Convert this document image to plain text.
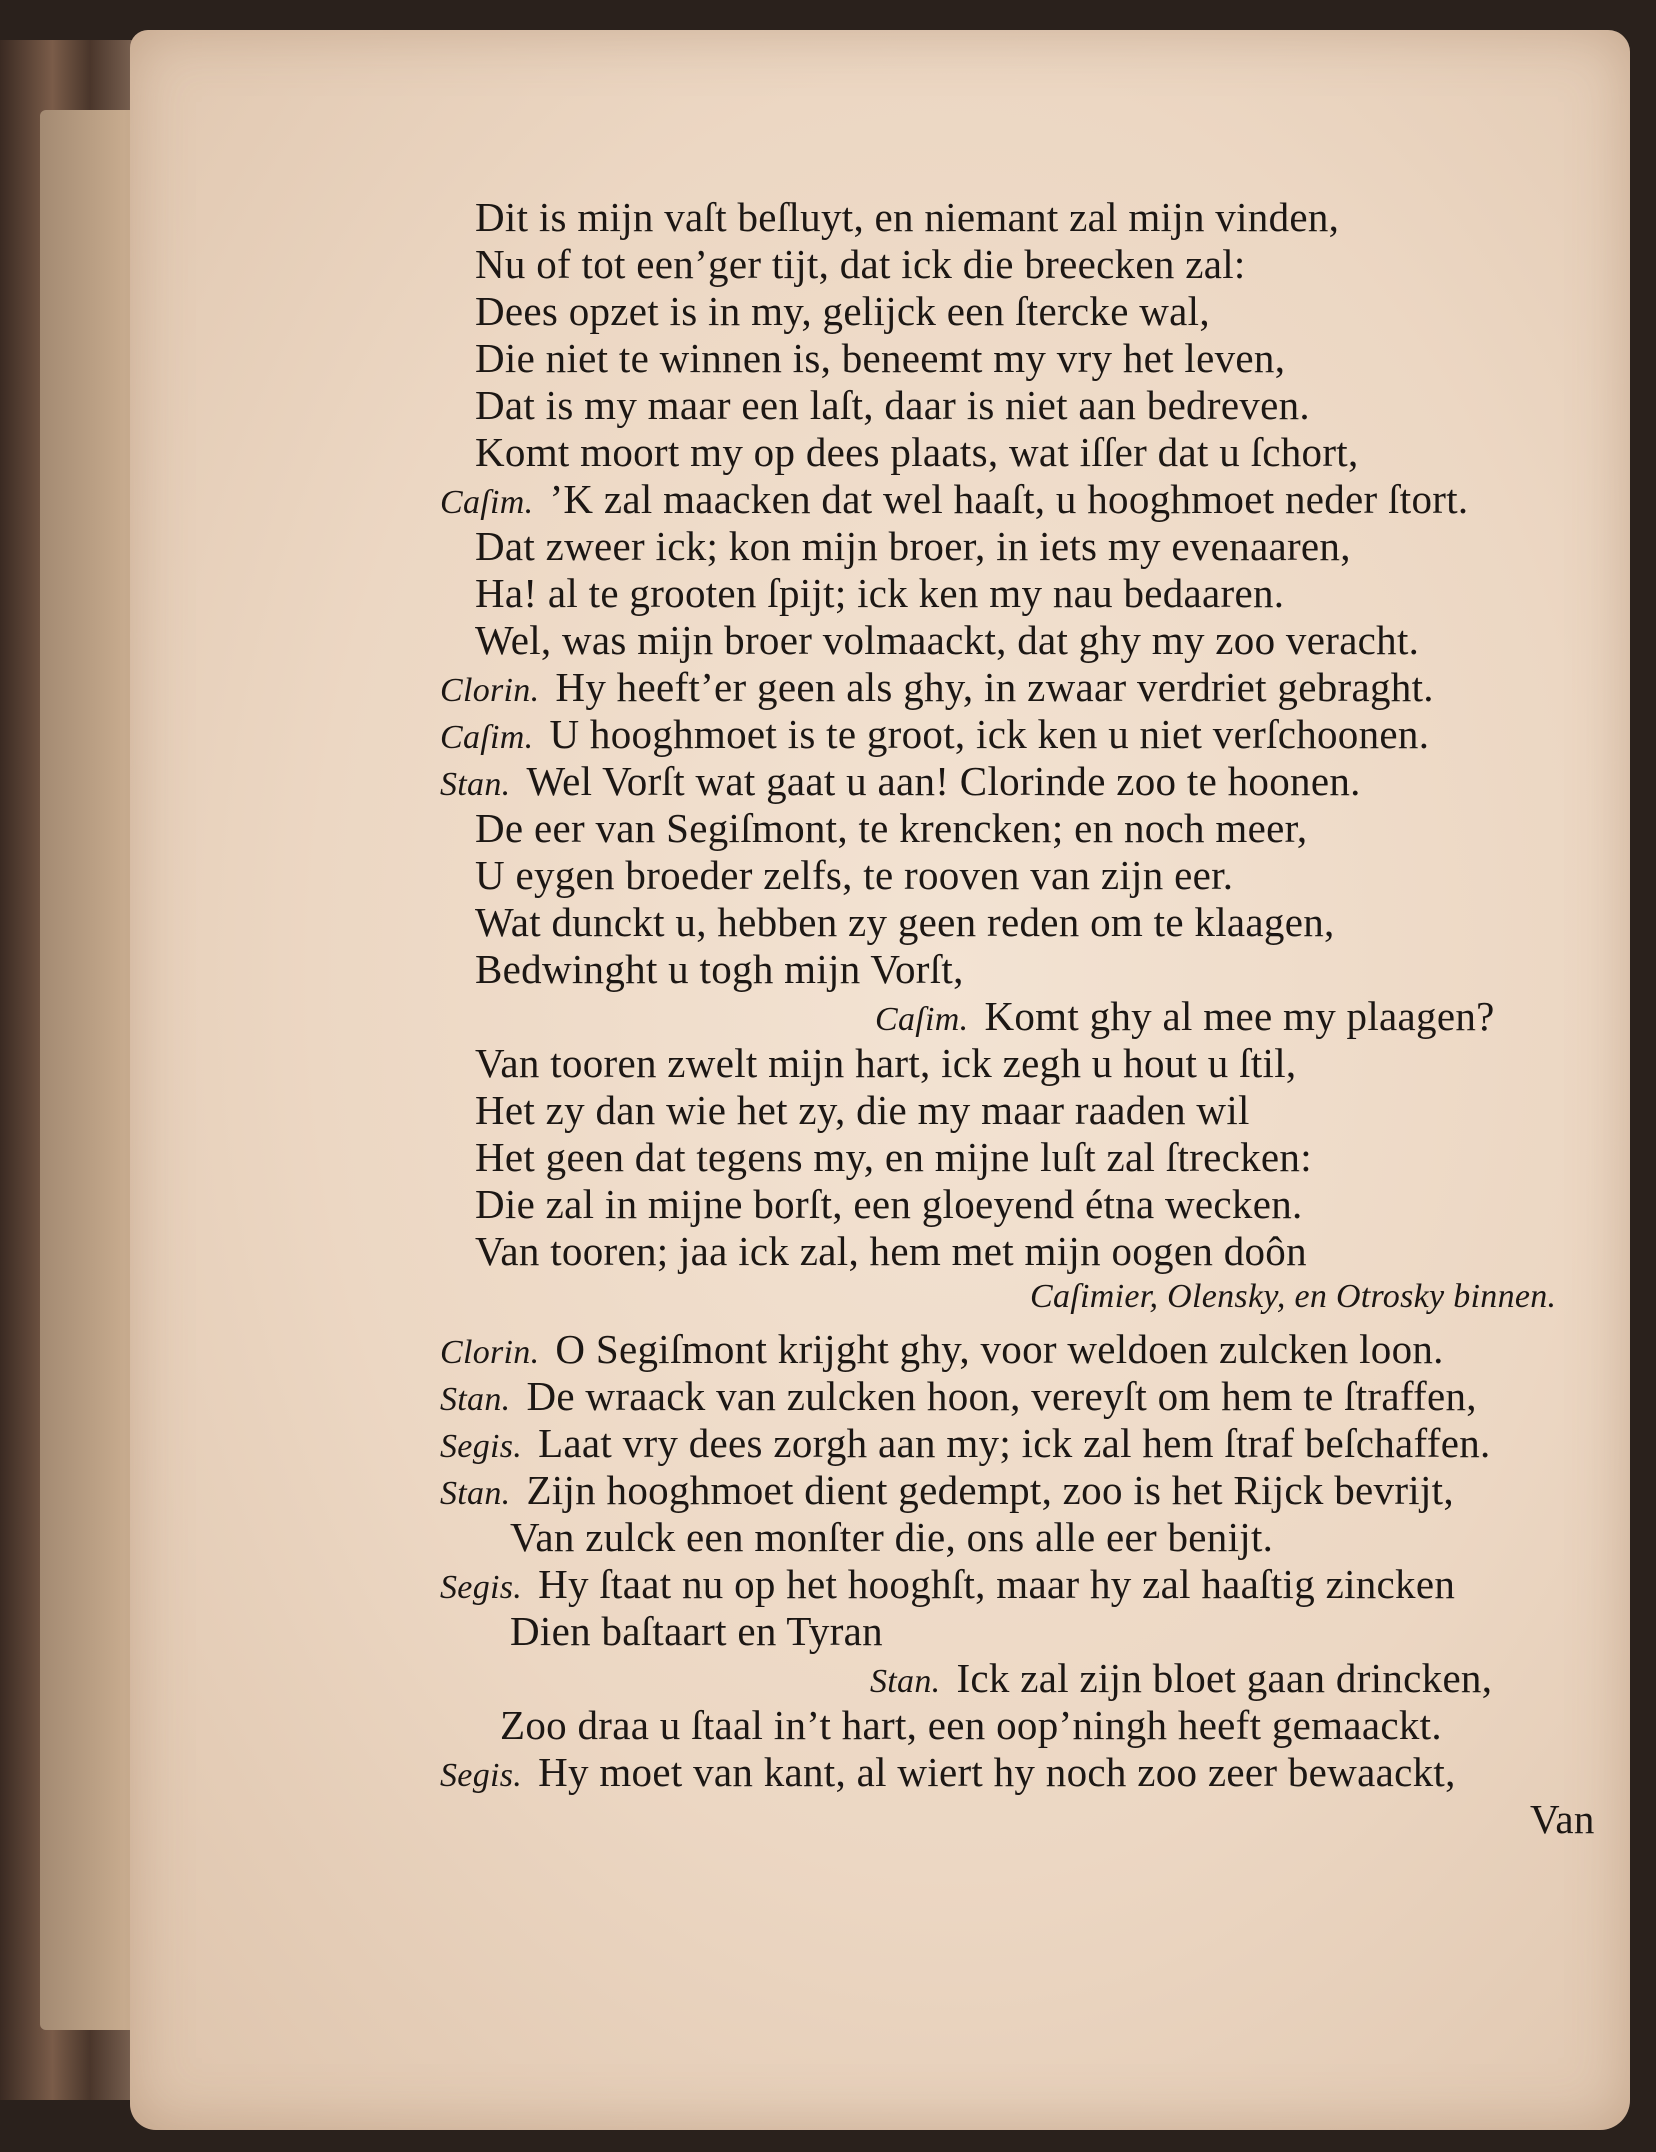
Dit is mijn vaſt beſluyt, en niemant zal mijn vinden,
Nu of tot een’ger tijt, dat ick die breecken zal:
Dees opzet is in my, gelijck een ſtercke wal,
Die niet te winnen is, beneemt my vry het leven,
Dat is my maar een laſt, daar is niet aan bedreven.
Komt moort my op dees plaats, wat iſſer dat u ſchort,
Caſim. ’K zal maacken dat wel haaſt, u hooghmoet neder ſtort.
Dat zweer ick; kon mijn broer, in iets my evenaaren,
Ha! al te grooten ſpijt; ick ken my nau bedaaren.
Wel, was mijn broer volmaackt, dat ghy my zoo veracht.
Clorin. Hy heeft’er geen als ghy, in zwaar verdriet gebraght.
Caſim. U hooghmoet is te groot, ick ken u niet verſchoonen.
Stan. Wel Vorſt wat gaat u aan! Clorinde zoo te hoonen.
De eer van Segiſmont, te krencken; en noch meer,
U eygen broeder zelfs, te rooven van zijn eer.
Wat dunckt u, hebben zy geen reden om te klaagen,
Bedwinght u togh mijn Vorſt,
Caſim. Komt ghy al mee my plaagen?
Van tooren zwelt mijn hart, ick zegh u hout u ſtil,
Het zy dan wie het zy, die my maar raaden wil
Het geen dat tegens my, en mijne luſt zal ſtrecken:
Die zal in mijne borſt, een gloeyend étna wecken.
Van tooren; jaa ick zal, hem met mijn oogen doôn
Caſimier, Olensky, en Otrosky binnen.
Clorin. O Segiſmont krijght ghy, voor weldoen zulcken loon.
Stan. De wraack van zulcken hoon, vereyſt om hem te ſtraffen,
Segis. Laat vry dees zorgh aan my; ick zal hem ſtraf beſchaffen.
Stan. Zijn hooghmoet dient gedempt, zoo is het Rijck bevrijt,
Van zulck een monſter die, ons alle eer benijt.
Segis. Hy ſtaat nu op het hooghſt, maar hy zal haaſtig zincken
Dien baſtaart en Tyran
Stan. Ick zal zijn bloet gaan drincken,
Zoo draa u ſtaal in’t hart, een oop’ningh heeft gemaackt.
Segis. Hy moet van kant, al wiert hy noch zoo zeer bewaackt,
Van
